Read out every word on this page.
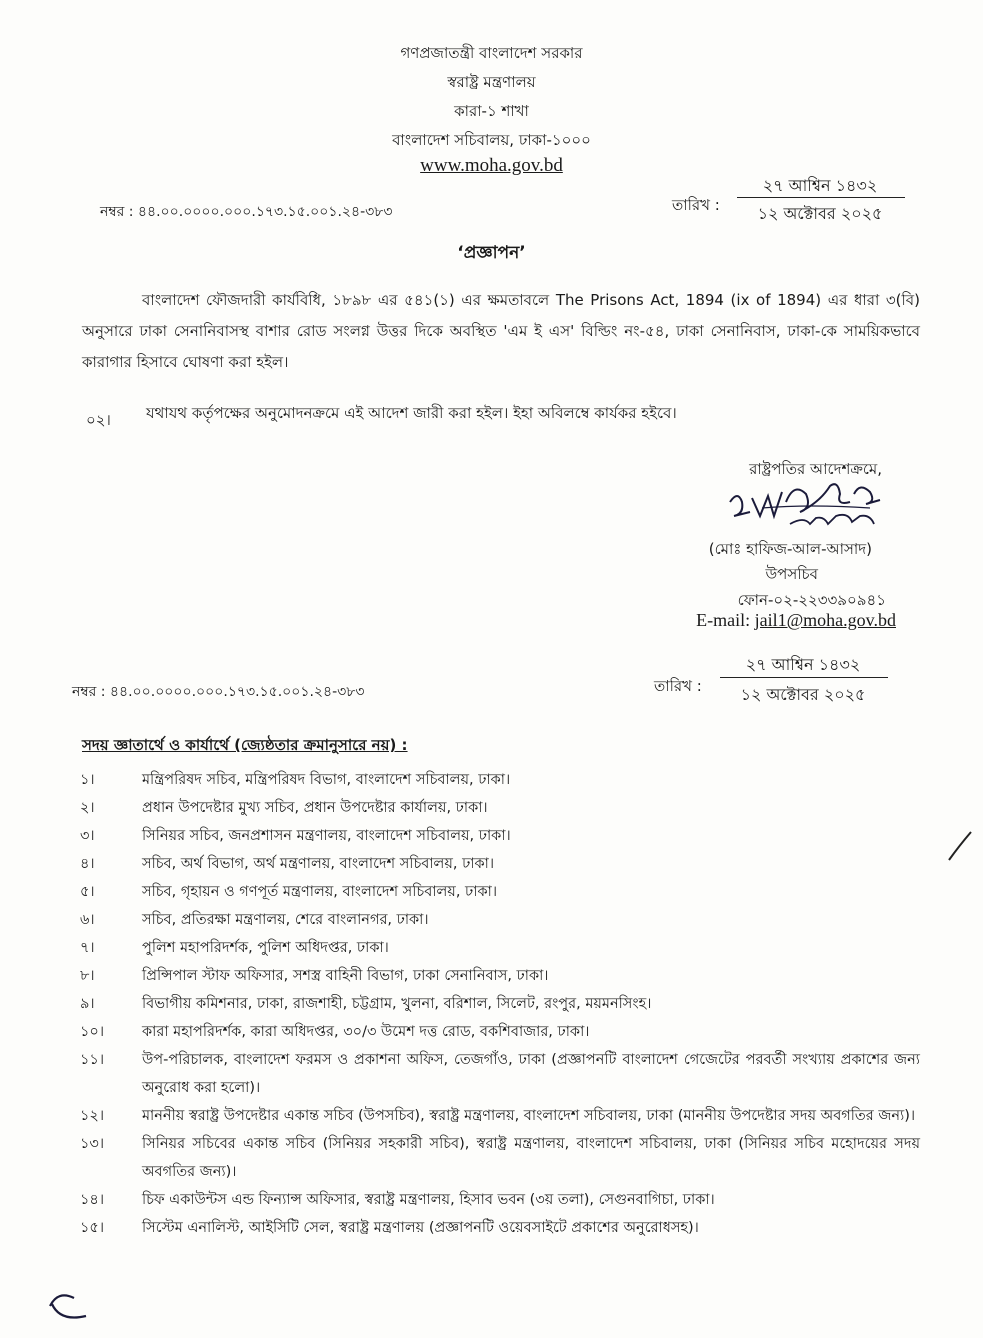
গণপ্রজাতন্ত্রী বাংলাদেশ সরকার
স্বরাষ্ট্র মন্ত্রণালয়
কারা-১ শাখা
বাংলাদেশ সচিবালয়, ঢাকা-১০০০
www.moha.gov.bd
নম্বর : ৪৪.০০.০০০০.০০০.১৭৩.১৫.০০১.২৪-৩৮৩	তারিখ :
২৭ আশ্বিন ১৪৩২
১২ অক্টোবর ২০২৫
‘প্রজ্ঞাপন’
বাংলাদেশ ফৌজদারী কার্যবিধি, ১৮৯৮ এর ৫৪১(১) এর ক্ষমতাবলে The Prisons Act, 1894 (ix of 1894) এর ধারা ৩(বি) অনুসারে ঢাকা সেনানিবাসস্থ বাশার রোড সংলগ্ন উত্তর দিকে অবস্থিত 'এম ই এস' বিল্ডিং নং-৫৪, ঢাকা সেনানিবাস, ঢাকা-কে সাময়িকভাবে কারাগার হিসাবে ঘোষণা করা হইল।
০২। যথাযথ কর্তৃপক্ষের অনুমোদনক্রমে এই আদেশ জারী করা হইল। ইহা অবিলম্বে কার্যকর হইবে।
রাষ্ট্রপতির আদেশক্রমে,
(মোঃ হাফিজ-আল-আসাদ)
উপসচিব
ফোন-০২-২২৩৩৯০৯৪১
E-mail: jail1@moha.gov.bd
নম্বর : ৪৪.০০.০০০০.০০০.১৭৩.১৫.০০১.২৪-৩৮৩	তারিখ :
২৭ আশ্বিন ১৪৩২
১২ অক্টোবর ২০২৫
সদয় জ্ঞাতার্থে ও কার্যার্থে (জ্যেষ্ঠতার ক্রমানুসারে নয়) :
১।	মন্ত্রিপরিষদ সচিব, মন্ত্রিপরিষদ বিভাগ, বাংলাদেশ সচিবালয়, ঢাকা।
২।	প্রধান উপদেষ্টার মুখ্য সচিব, প্রধান উপদেষ্টার কার্যালয়, ঢাকা।
৩।	সিনিয়র সচিব, জনপ্রশাসন মন্ত্রণালয়, বাংলাদেশ সচিবালয়, ঢাকা।
৪।	সচিব, অর্থ বিভাগ, অর্থ মন্ত্রণালয়, বাংলাদেশ সচিবালয়, ঢাকা।
৫।	সচিব, গৃহায়ন ও গণপূর্ত মন্ত্রণালয়, বাংলাদেশ সচিবালয়, ঢাকা।
৬।	সচিব, প্রতিরক্ষা মন্ত্রণালয়, শেরে বাংলানগর, ঢাকা।
৭।	পুলিশ মহাপরিদর্শক, পুলিশ অধিদপ্তর, ঢাকা।
৮।	প্রিন্সিপাল স্টাফ অফিসার, সশস্ত্র বাহিনী বিভাগ, ঢাকা সেনানিবাস, ঢাকা।
৯।	বিভাগীয় কমিশনার, ঢাকা, রাজশাহী, চট্টগ্রাম, খুলনা, বরিশাল, সিলেট, রংপুর, ময়মনসিংহ।
১০।	কারা মহাপরিদর্শক, কারা অধিদপ্তর, ৩০/৩ উমেশ দত্ত রোড, বকশিবাজার, ঢাকা।
১১।	উপ-পরিচালক, বাংলাদেশ ফরমস ও প্রকাশনা অফিস, তেজগাঁও, ঢাকা (প্রজ্ঞাপনটি বাংলাদেশ গেজেটের পরবর্তী সংখ্যায় প্রকাশের জন্য অনুরোধ করা হলো)।
১২।	মাননীয় স্বরাষ্ট্র উপদেষ্টার একান্ত সচিব (উপসচিব), স্বরাষ্ট্র মন্ত্রণালয়, বাংলাদেশ সচিবালয়, ঢাকা (মাননীয় উপদেষ্টার সদয় অবগতির জন্য)।
১৩।	সিনিয়র সচিবের একান্ত সচিব (সিনিয়র সহকারী সচিব), স্বরাষ্ট্র মন্ত্রণালয়, বাংলাদেশ সচিবালয়, ঢাকা (সিনিয়র সচিব মহোদয়ের সদয় অবগতির জন্য)।
১৪।	চিফ একাউন্টস এন্ড ফিন্যান্স অফিসার, স্বরাষ্ট্র মন্ত্রণালয়, হিসাব ভবন (৩য় তলা), সেগুনবাগিচা, ঢাকা।
১৫।	সিস্টেম এনালিস্ট, আইসিটি সেল, স্বরাষ্ট্র মন্ত্রণালয় (প্রজ্ঞাপনটি ওয়েবসাইটে প্রকাশের অনুরোধসহ)।
